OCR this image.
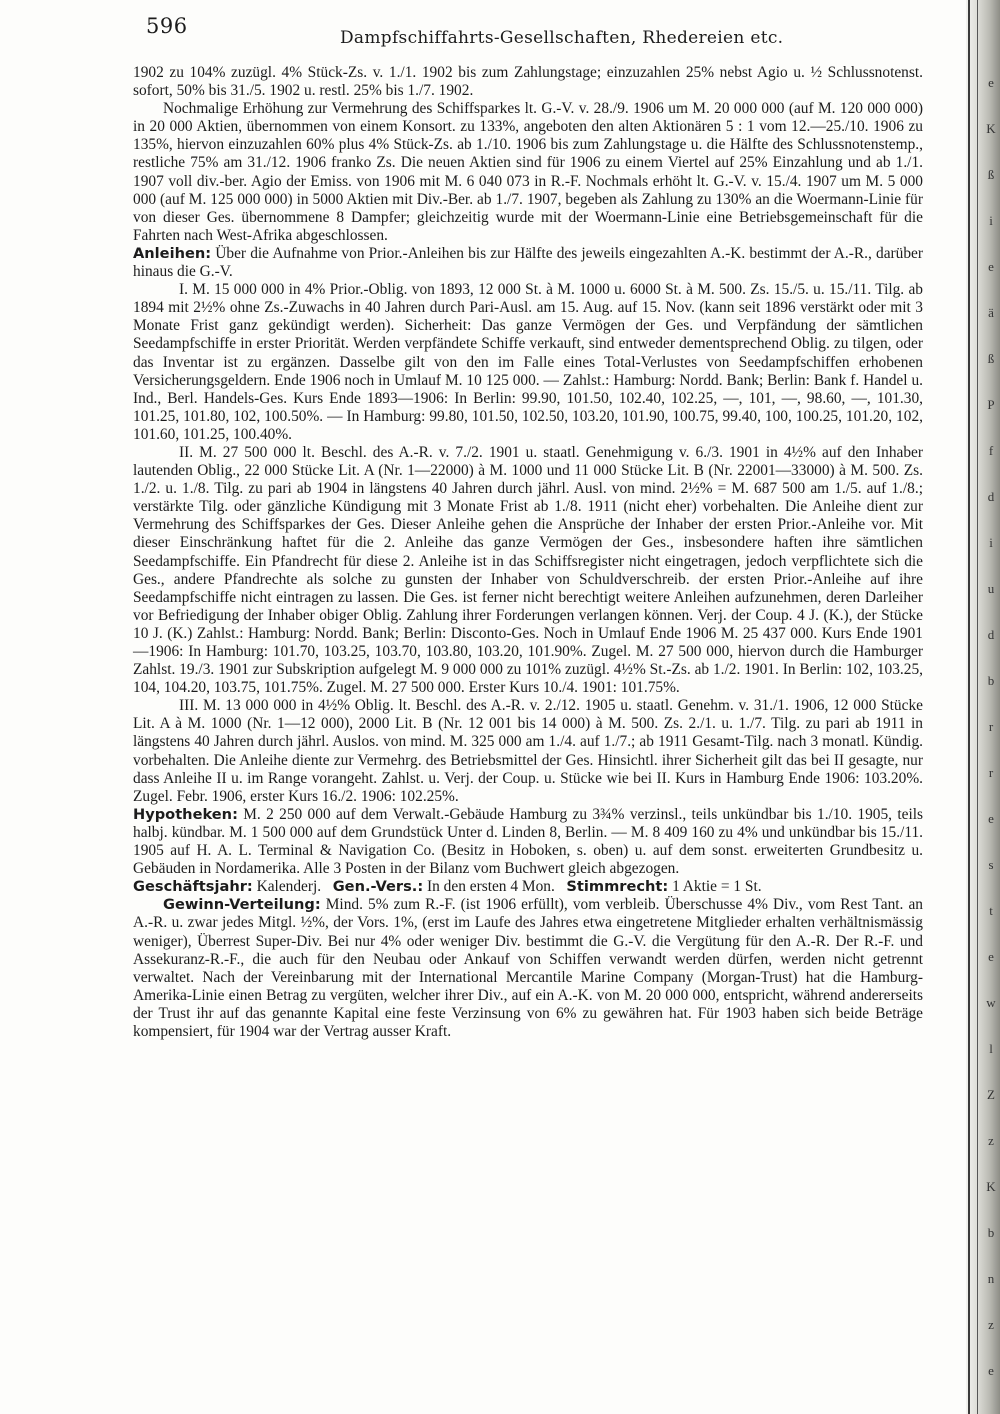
596	Dampfschiffahrts-Gesellschaften, Rhedereien etc.

1902 zu 104% zuzügl. 4% Stück-Zs. v. 1./1. 1902 bis zum Zahlungstage; einzuzahlen 25% nebst Agio u. ½ Schlussnotenst. sofort, 50% bis 31./5. 1902 u. restl. 25% bis 1./7. 1902.

Nochmalige Erhöhung zur Vermehrung des Schiffsparkes lt. G.-V. v. 28./9. 1906 um M. 20 000 000 (auf M. 120 000 000) in 20 000 Aktien, übernommen von einem Konsort. zu 133%, angeboten den alten Aktionären 5 : 1 vom 12.—25./10. 1906 zu 135%, hiervon einzuzahlen 60% plus 4% Stück-Zs. ab 1./10. 1906 bis zum Zahlungstage u. die Hälfte des Schlussnotenstemp., restliche 75% am 31./12. 1906 franko Zs. Die neuen Aktien sind für 1906 zu einem Viertel auf 25% Einzahlung und ab 1./1. 1907 voll div.-ber. Agio der Emiss. von 1906 mit M. 6 040 073 in R.-F. Nochmals erhöht lt. G.-V. v. 15./4. 1907 um M. 5 000 000 (auf M. 125 000 000) in 5000 Aktien mit Div.-Ber. ab 1./7. 1907, begeben als Zahlung zu 130% an die Woermann-Linie für von dieser Ges. übernommene 8 Dampfer; gleichzeitig wurde mit der Woermann-Linie eine Betriebsgemeinschaft für die Fahrten nach West-Afrika abgeschlossen.

Anleihen: Über die Aufnahme von Prior.-Anleihen bis zur Hälfte des jeweils eingezahlten A.-K. bestimmt der A.-R., darüber hinaus die G.-V.

I. M. 15 000 000 in 4% Prior.-Oblig. von 1893, 12 000 St. à M. 1000 u. 6000 St. à M. 500. Zs. 15./5. u. 15./11. Tilg. ab 1894 mit 2½% ohne Zs.-Zuwachs in 40 Jahren durch Pari-Ausl. am 15. Aug. auf 15. Nov. (kann seit 1896 verstärkt oder mit 3 Monate Frist ganz gekündigt werden). Sicherheit: Das ganze Vermögen der Ges. und Verpfändung der sämtlichen Seedampfschiffe in erster Priorität. Werden verpfändete Schiffe verkauft, sind entweder dementsprechend Oblig. zu tilgen, oder das Inventar ist zu ergänzen. Dasselbe gilt von den im Falle eines Total-Verlustes von Seedampfschiffen erhobenen Versicherungsgeldern. Ende 1906 noch in Umlauf M. 10 125 000. — Zahlst.: Hamburg: Nordd. Bank; Berlin: Bank f. Handel u. Ind., Berl. Handels-Ges. Kurs Ende 1893—1906: In Berlin: 99.90, 101.50, 102.40, 102.25, —, 101, —, 98.60, —, 101.30, 101.25, 101.80, 102, 100.50%. — In Hamburg: 99.80, 101.50, 102.50, 103.20, 101.90, 100.75, 99.40, 100, 100.25, 101.20, 102, 101.60, 101.25, 100.40%.

II. M. 27 500 000 lt. Beschl. des A.-R. v. 7./2. 1901 u. staatl. Genehmigung v. 6./3. 1901 in 4½% auf den Inhaber lautenden Oblig., 22 000 Stücke Lit. A (Nr. 1—22000) à M. 1000 und 11 000 Stücke Lit. B (Nr. 22001—33000) à M. 500. Zs. 1./2. u. 1./8. Tilg. zu pari ab 1904 in längstens 40 Jahren durch jährl. Ausl. von mind. 2½% = M. 687 500 am 1./5. auf 1./8.; verstärkte Tilg. oder gänzliche Kündigung mit 3 Monate Frist ab 1./8. 1911 (nicht eher) vorbehalten. Die Anleihe dient zur Vermehrung des Schiffsparkes der Ges. Dieser Anleihe gehen die Ansprüche der Inhaber der ersten Prior.-Anleihe vor. Mit dieser Einschränkung haftet für die 2. Anleihe das ganze Vermögen der Ges., insbesondere haften ihre sämtlichen Seedampfschiffe. Ein Pfandrecht für diese 2. Anleihe ist in das Schiffsregister nicht eingetragen, jedoch verpflichtete sich die Ges., andere Pfandrechte als solche zu gunsten der Inhaber von Schuldverschreib. der ersten Prior.-Anleihe auf ihre Seedampfschiffe nicht eintragen zu lassen. Die Ges. ist ferner nicht berechtigt weitere Anleihen aufzunehmen, deren Darleiher vor Befriedigung der Inhaber obiger Oblig. Zahlung ihrer Forderungen verlangen können. Verj. der Coup. 4 J. (K.), der Stücke 10 J. (K.) Zahlst.: Hamburg: Nordd. Bank; Berlin: Disconto-Ges. Noch in Umlauf Ende 1906 M. 25 437 000. Kurs Ende 1901—1906: In Hamburg: 101.70, 103.25, 103.70, 103.80, 103.20, 101.90%. Zugel. M. 27 500 000, hiervon durch die Hamburger Zahlst. 19./3. 1901 zur Subskription aufgelegt M. 9 000 000 zu 101% zuzügl. 4½% St.-Zs. ab 1./2. 1901. In Berlin: 102, 103.25, 104, 104.20, 103.75, 101.75%. Zugel. M. 27 500 000. Erster Kurs 10./4. 1901: 101.75%.

III. M. 13 000 000 in 4½% Oblig. lt. Beschl. des A.-R. v. 2./12. 1905 u. staatl. Genehm. v. 31./1. 1906, 12 000 Stücke Lit. A à M. 1000 (Nr. 1—12 000), 2000 Lit. B (Nr. 12 001 bis 14 000) à M. 500. Zs. 2./1. u. 1./7. Tilg. zu pari ab 1911 in längstens 40 Jahren durch jährl. Auslos. von mind. M. 325 000 am 1./4. auf 1./7.; ab 1911 Gesamt-Tilg. nach 3 monatl. Kündig. vorbehalten. Die Anleihe diente zur Vermehrg. des Betriebsmittel der Ges. Hinsichtl. ihrer Sicherheit gilt das bei II gesagte, nur dass Anleihe II u. im Range vorangeht. Zahlst. u. Verj. der Coup. u. Stücke wie bei II. Kurs in Hamburg Ende 1906: 103.20%. Zugel. Febr. 1906, erster Kurs 16./2. 1906: 102.25%.

Hypotheken: M. 2 250 000 auf dem Verwalt.-Gebäude Hamburg zu 3¾% verzinsl., teils unkündbar bis 1./10. 1905, teils halbj. kündbar. M. 1 500 000 auf dem Grundstück Unter d. Linden 8, Berlin. — M. 8 409 160 zu 4% und unkündbar bis 15./11. 1905 auf H. A. L. Terminal & Navigation Co. (Besitz in Hoboken, s. oben) u. auf dem sonst. erweiterten Grundbesitz u. Gebäuden in Nordamerika. Alle 3 Posten in der Bilanz vom Buchwert gleich abgezogen.

Geschäftsjahr: Kalenderj. Gen.-Vers.: In den ersten 4 Mon. Stimmrecht: 1 Aktie = 1 St.

Gewinn-Verteilung: Mind. 5% zum R.-F. (ist 1906 erfüllt), vom verbleib. Überschusse 4% Div., vom Rest Tant. an A.-R. u. zwar jedes Mitgl. ½%, der Vors. 1%, (erst im Laufe des Jahres etwa eingetretene Mitglieder erhalten verhältnismässig weniger), Überrest Super-Div. Bei nur 4% oder weniger Div. bestimmt die G.-V. die Vergütung für den A.-R. Der R.-F. und Assekuranz-R.-F., die auch für den Neubau oder Ankauf von Schiffen verwandt werden dürfen, werden nicht getrennt verwaltet. Nach der Vereinbarung mit der International Mercantile Marine Company (Morgan-Trust) hat die Hamburg-Amerika-Linie einen Betrag zu vergüten, welcher ihrer Div., auf ein A.-K. von M. 20 000 000, entspricht, während andererseits der Trust ihr auf das genannte Kapital eine feste Verzinsung von 6% zu gewähren hat. Für 1903 haben sich beide Beträge kompensiert, für 1904 war der Vertrag ausser Kraft.

e
K
ß
i
e
ä
ß
P
f
d
i
u
d
b
r
r
e
s
t
e
w
l
Z
z
K
b
n
z
e
